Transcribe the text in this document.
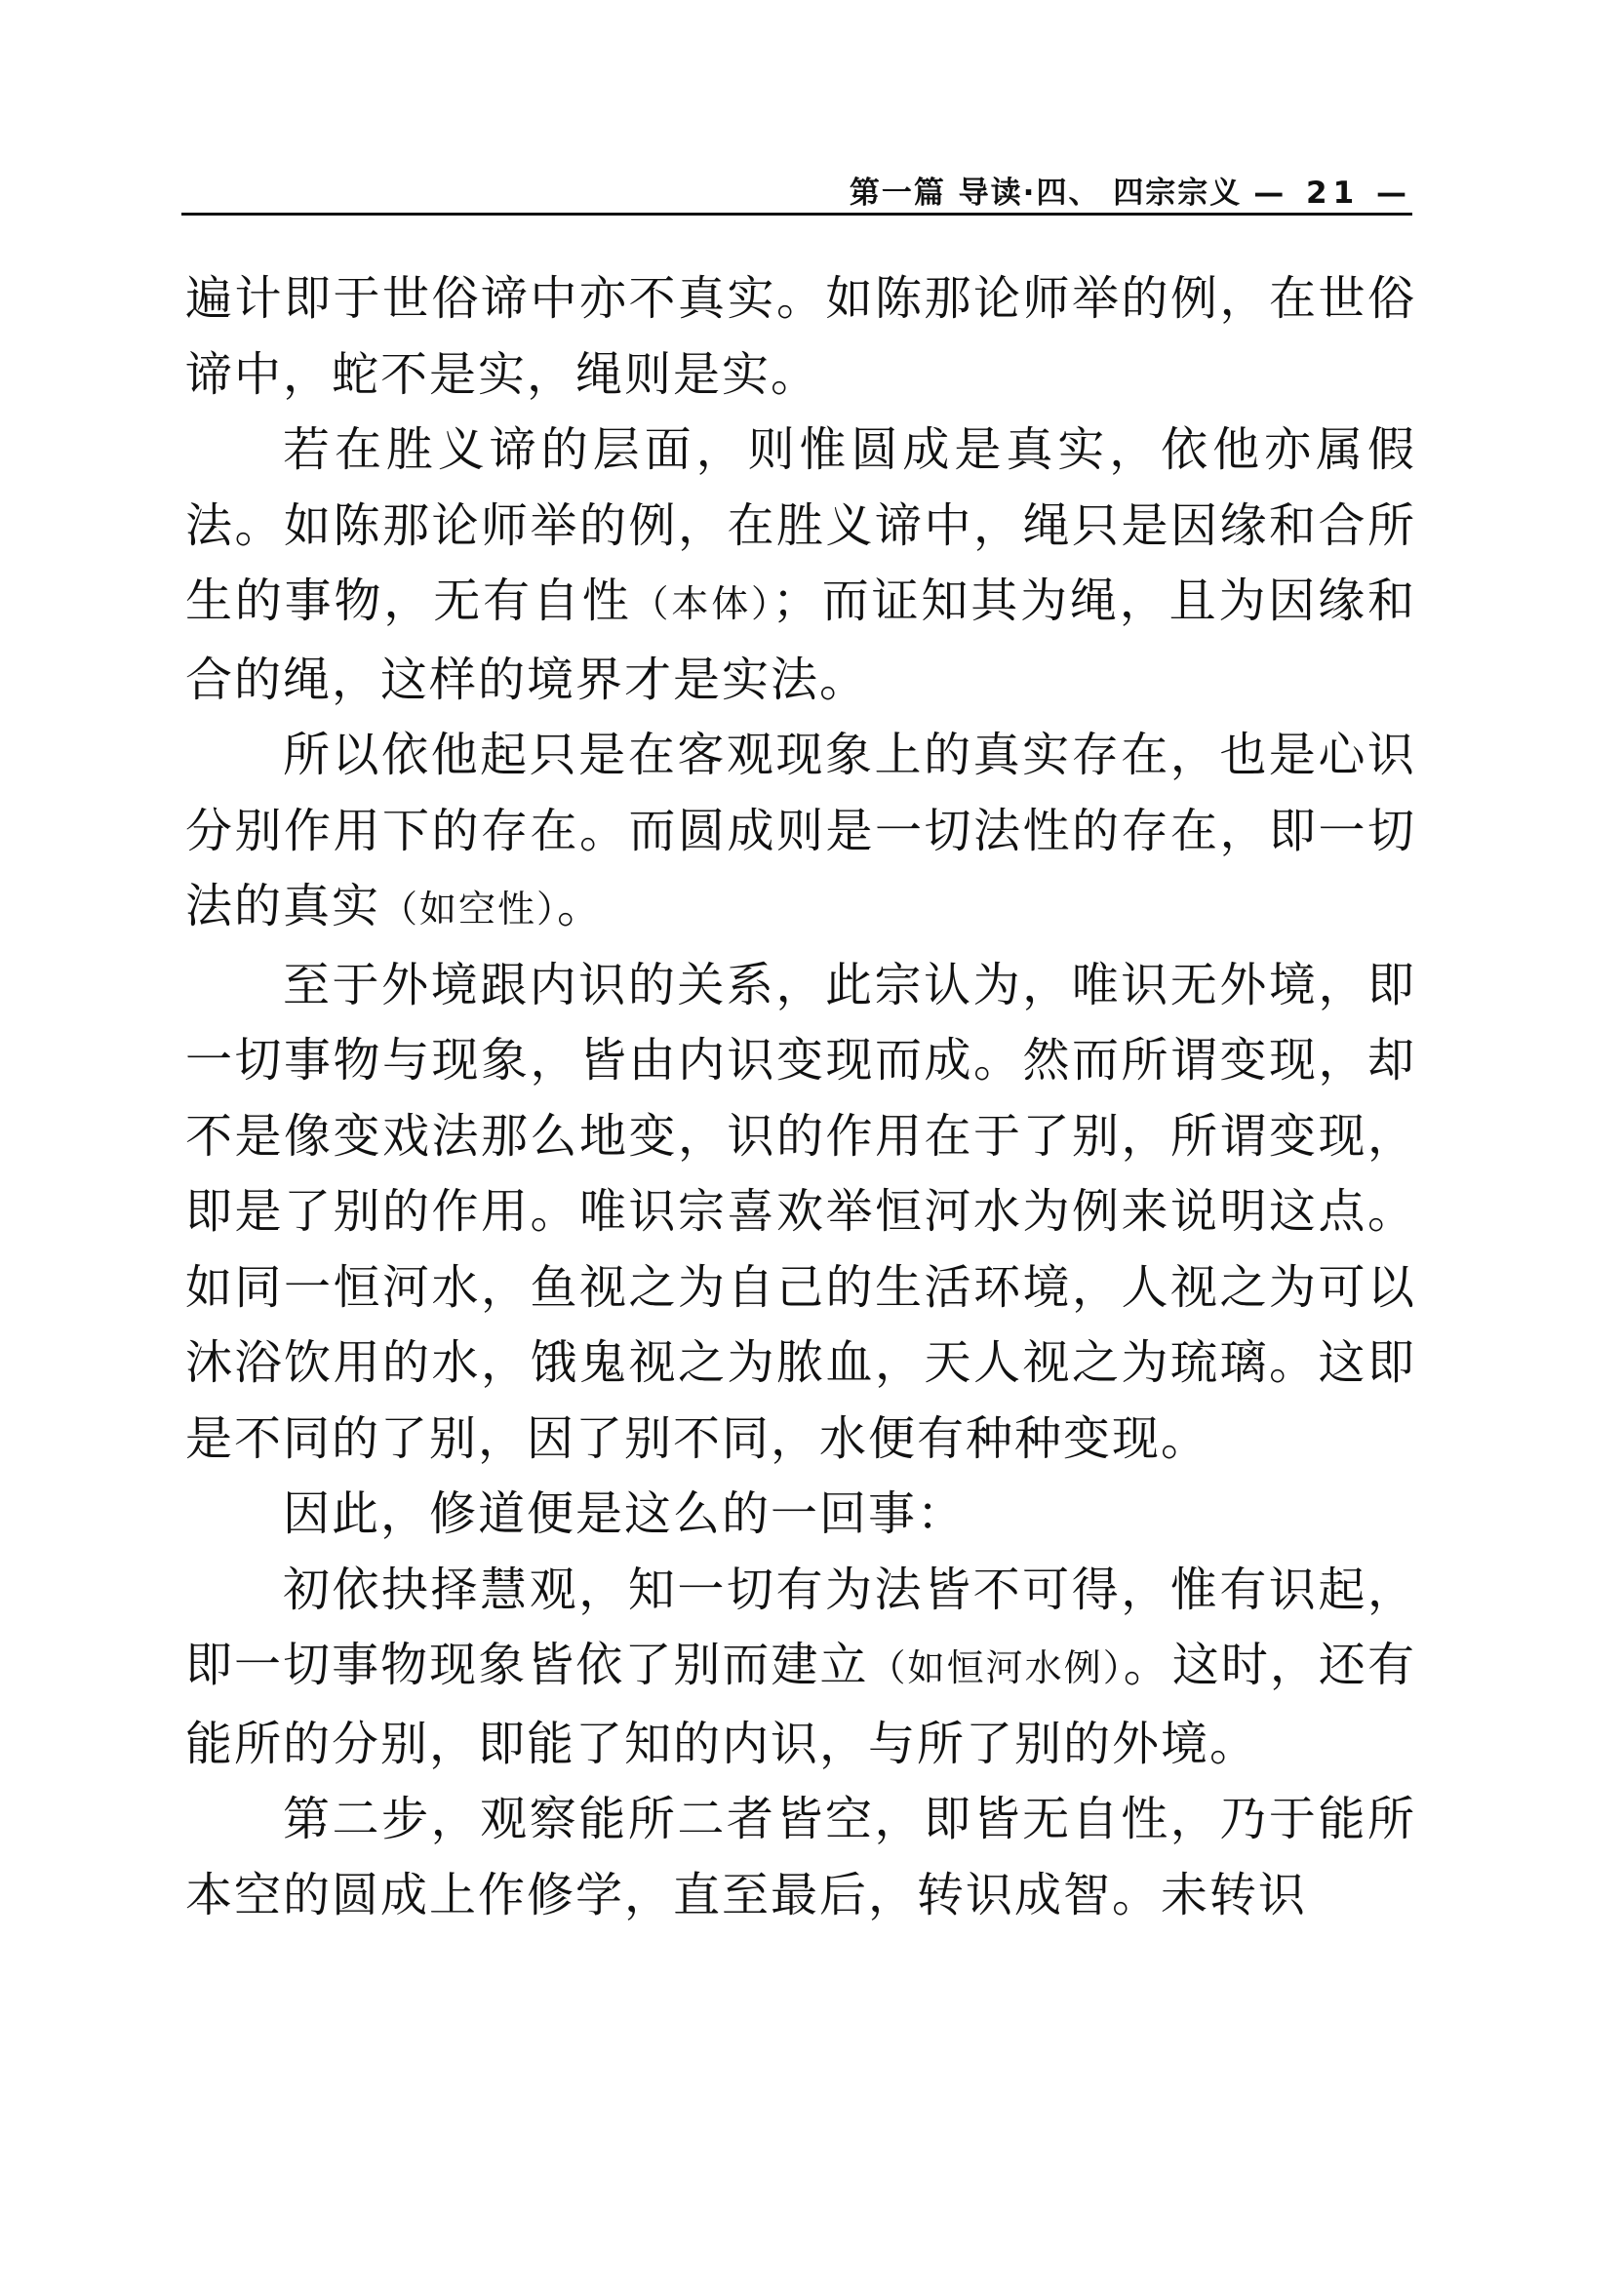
第一篇 导读·四、 四宗宗义 — 21 —

遍计即于世俗谛中亦不真实。如陈那论师举的例，在世俗谛中，蛇不是实，绳则是实。

若在胜义谛的层面，则惟圆成是真实，依他亦属假法。如陈那论师举的例，在胜义谛中，绳只是因缘和合所生的事物，无有自性（本体）；而证知其为绳，且为因缘和合的绳，这样的境界才是实法。

所以依他起只是在客观现象上的真实存在，也是心识分别作用下的存在。而圆成则是一切法性的存在，即一切法的真实（如空性）。

至于外境跟内识的关系，此宗认为，唯识无外境，即一切事物与现象，皆由内识变现而成。然而所谓变现，却不是像变戏法那么地变，识的作用在于了别，所谓变现，即是了别的作用。唯识宗喜欢举恒河水为例来说明这点。如同一恒河水，鱼视之为自己的生活环境，人视之为可以沐浴饮用的水，饿鬼视之为脓血，天人视之为琉璃。这即是不同的了别，因了别不同，水便有种种变现。

因此，修道便是这么的一回事：

初依抉择慧观，知一切有为法皆不可得，惟有识起，即一切事物现象皆依了别而建立（如恒河水例）。这时，还有能所的分别，即能了知的内识，与所了别的外境。

第二步，观察能所二者皆空，即皆无自性，乃于能所本空的圆成上作修学，直至最后，转识成智。未转识
